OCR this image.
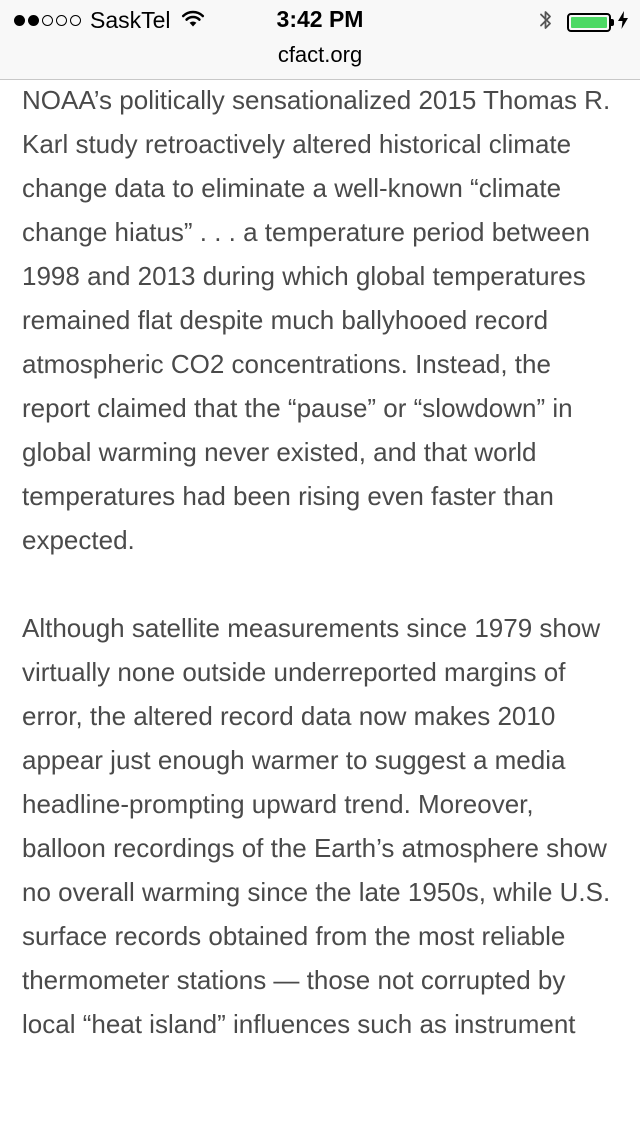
SaskTel	3:42 PM
cfact.org

NOAA’s politically sensationalized 2015 Thomas R. Karl study retroactively altered historical climate change data to eliminate a well-known “climate change hiatus” . . . a temperature period between 1998 and 2013 during which global temperatures remained flat despite much ballyhooed record atmospheric CO2 concentrations. Instead, the report claimed that the “pause” or “slowdown” in global warming never existed, and that world temperatures had been rising even faster than expected.

Although satellite measurements since 1979 show virtually none outside underreported margins of error, the altered record data now makes 2010 appear just enough warmer to suggest a media headline-prompting upward trend. Moreover, balloon recordings of the Earth’s atmosphere show no overall warming since the late 1950s, while U.S. surface records obtained from the most reliable thermometer stations — those not corrupted by local “heat island” influences such as instrument
